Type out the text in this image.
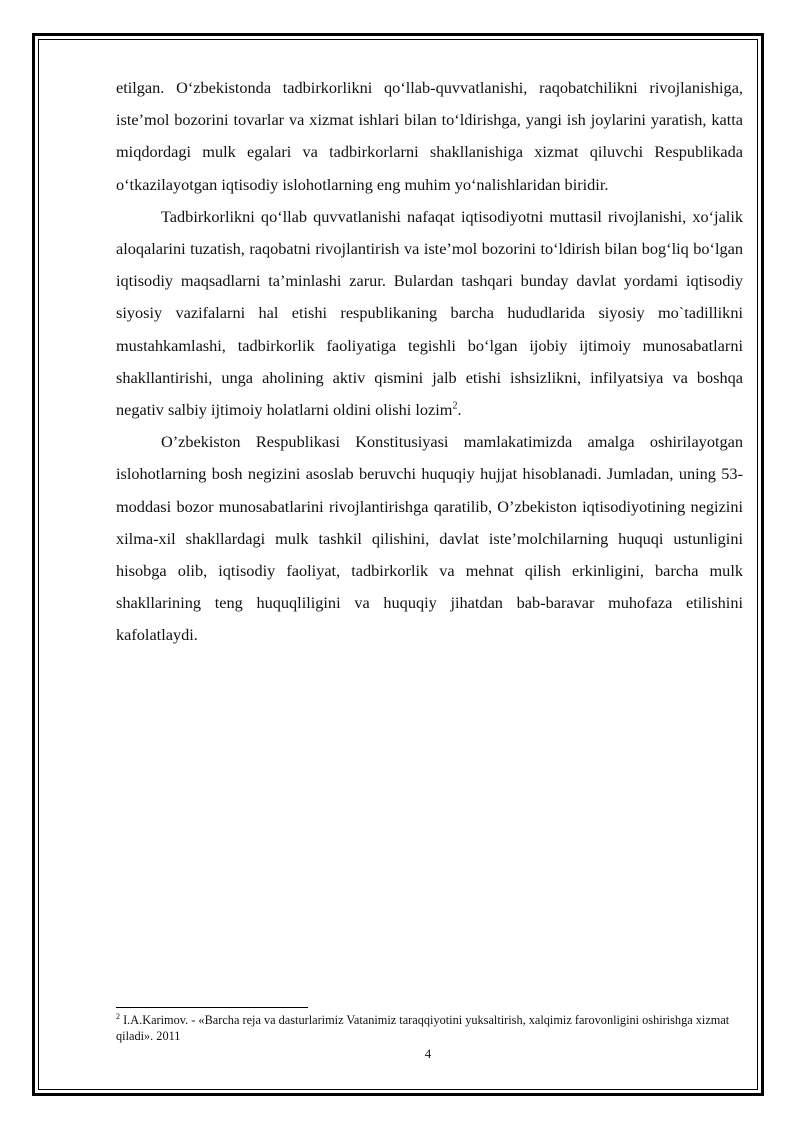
etilgan. O‘zbekistonda tadbirkorlikni qo‘llab-quvvatlanishi, raqobatchilikni rivojlanishiga, iste’mol bozorini tovarlar va xizmat ishlari bilan to‘ldirishga, yangi ish joylarini yaratish, katta miqdordagi mulk egalari va tadbirkorlarni shakllanishiga xizmat qiluvchi Respublikada o‘tkazilayotgan iqtisodiy islohotlarning eng muhim yo‘nalishlaridan biridir.

Tadbirkorlikni qo‘llab quvvatlanishi nafaqat iqtisodiyotni muttasil rivojlanishi, xo‘jalik aloqalarini tuzatish, raqobatni rivojlantirish va iste’mol bozorini to‘ldirish bilan bog‘liq bo‘lgan iqtisodiy maqsadlarni ta’minlashi zarur. Bulardan tashqari bunday davlat yordami iqtisodiy siyosiy vazifalarni hal etishi respublikaning barcha hududlarida siyosiy mo`tadillikni mustahkamlashi, tadbirkorlik faoliyatiga tegishli bo‘lgan ijobiy ijtimoiy munosabatlarni shakllantirishi, unga aholining aktiv qismini jalb etishi ishsizlikni, infilyatsiya va boshqa negativ salbiy ijtimoiy holatlarni oldini olishi lozim$^2$.

O’zbekiston Respublikasi Konstitusiyasi mamlakatimizda amalga oshirilayotgan islohotlarning bosh negizini asoslab beruvchi huquqiy hujjat hisoblanadi. Jumladan, uning 53-moddasi bozor munosabatlarini rivojlantirishga qaratilib, O’zbekiston iqtisodiyotining negizini xilma-xil shakllardagi mulk tashkil qilishini, davlat iste’molchilarning huquqi ustunligini hisobga olib, iqtisodiy faoliyat, tadbirkorlik va mehnat qilish erkinligini, barcha mulk shakllarining teng huquqliligini va huquqiy jihatdan bab-baravar muhofaza etilishini kafolatlaydi.

$^2$ I.A.Karimov. - «Barcha reja va dasturlarimiz Vatanimiz taraqqiyotini yuksaltirish, xalqimiz farovonligini oshirishga xizmat qiladi». 2011
4
